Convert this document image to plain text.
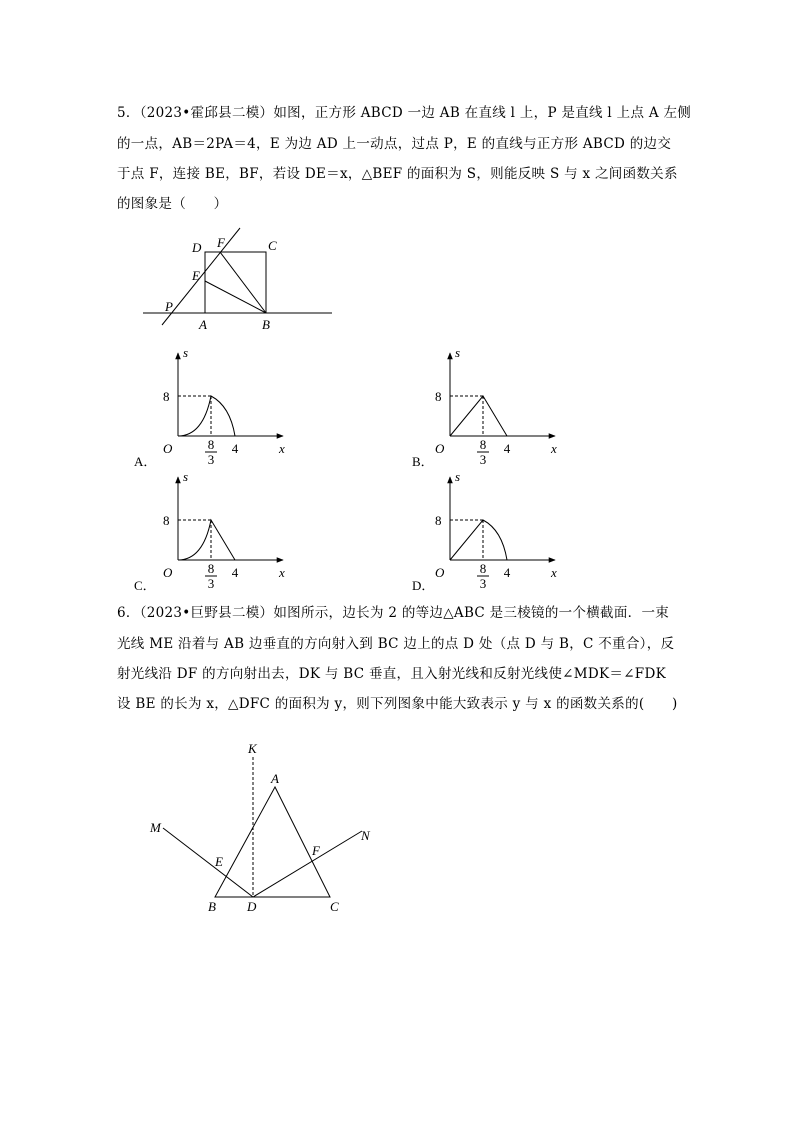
5．（2023•霍邱县二模）如图，正方形 ABCD 一边 AB 在直线 l 上，P 是直线 l 上点 A 左侧
的一点，AB＝2PA＝4，E 为边 AD 上一动点，过点 P，E 的直线与正方形 ABCD 的边交
于点 F，连接 BE，BF，若设 DE＝x，△BEF 的面积为 S，则能反映 S 与 x 之间函数关系
的图象是（　　）
D F	C
E
P
A	B
A．	B．
C．	D．
s
x
O
8
8
3
4
s
x
O
8
8
3
4
s
x
O
8
8
3
4
s
x
O
8
8
3
4
6．（2023•巨野县二模）如图所示，边长为 2 的等边△ABC 是三棱镜的一个横截面．一束
光线 ME 沿着与 AB 边垂直的方向射入到 BC 边上的点 D 处（点 D 与 B，C 不重合），反
射光线沿 DF 的方向射出去，DK 与 BC 垂直，且入射光线和反射光线使∠MDK＝∠FDK
设 BE 的长为 x，△DFC 的面积为 y，则下列图象中能大致表示 y 与 x 的函数关系的(　　)
K
A
M
N
E
F
B D	C
